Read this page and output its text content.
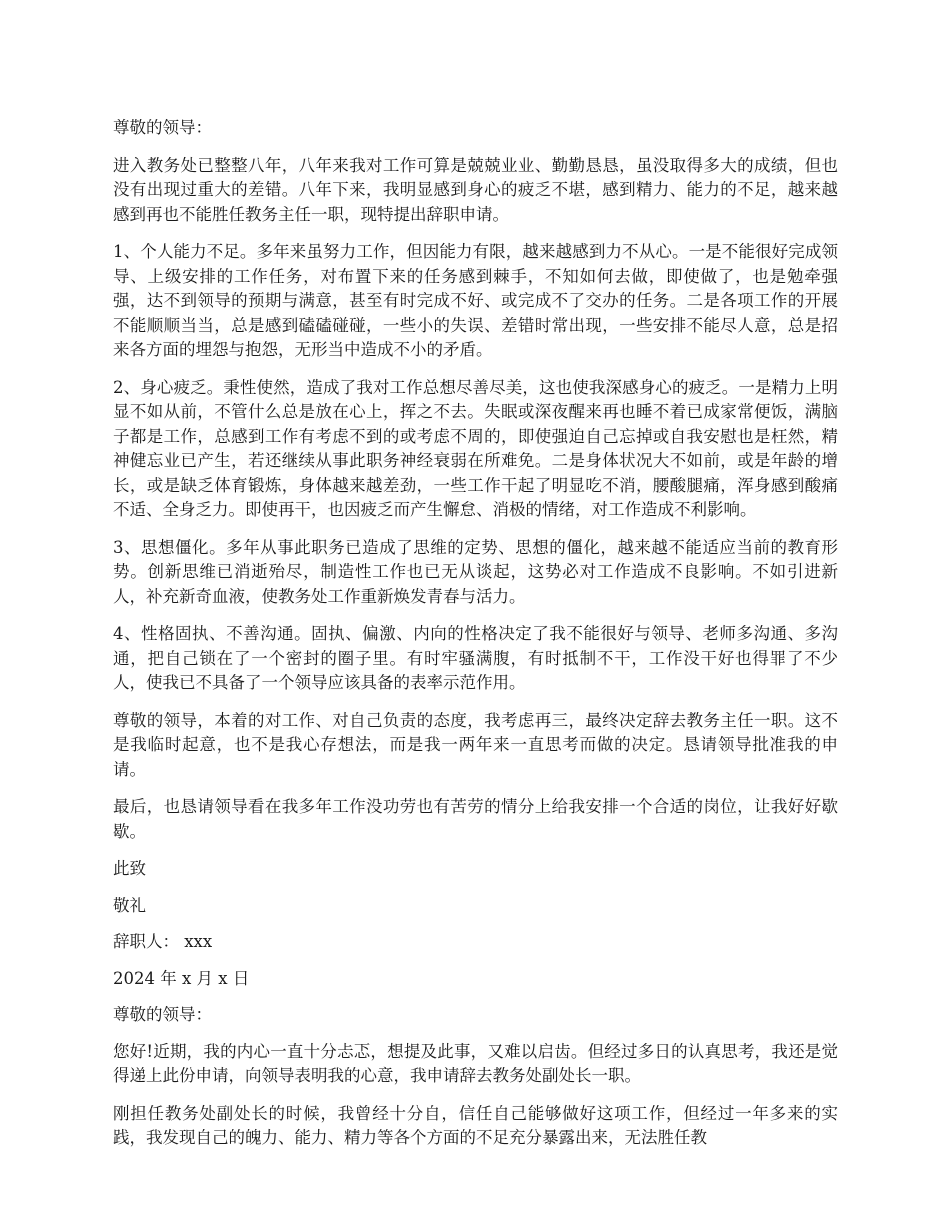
尊敬的领导：

进入教务处已整整八年，八年来我对工作可算是兢兢业业、勤勤恳恳，虽没取得多大的成绩，但也没有出现过重大的差错。八年下来，我明显感到身心的疲乏不堪，感到精力、能力的不足，越来越感到再也不能胜任教务主任一职，现特提出辞职申请。

1、个人能力不足。多年来虽努力工作，但因能力有限，越来越感到力不从心。一是不能很好完成领导、上级安排的工作任务，对布置下来的任务感到棘手，不知如何去做，即使做了，也是勉牵强强，达不到领导的预期与满意，甚至有时完成不好、或完成不了交办的任务。二是各项工作的开展不能顺顺当当，总是感到磕磕碰碰，一些小的失误、差错时常出现，一些安排不能尽人意，总是招来各方面的埋怨与抱怨，无形当中造成不小的矛盾。

2、身心疲乏。秉性使然，造成了我对工作总想尽善尽美，这也使我深感身心的疲乏。一是精力上明显不如从前，不管什么总是放在心上，挥之不去。失眠或深夜醒来再也睡不着已成家常便饭，满脑子都是工作，总感到工作有考虑不到的或考虑不周的，即使强迫自己忘掉或自我安慰也是枉然，精神健忘业已产生，若还继续从事此职务神经衰弱在所难免。二是身体状况大不如前，或是年龄的增长，或是缺乏体育锻炼，身体越来越差劲，一些工作干起了明显吃不消，腰酸腿痛，浑身感到酸痛不适、全身乏力。即使再干，也因疲乏而产生懈怠、消极的情绪，对工作造成不利影响。

3、思想僵化。多年从事此职务已造成了思维的定势、思想的僵化，越来越不能适应当前的教育形势。创新思维已消逝殆尽，制造性工作也已无从谈起，这势必对工作造成不良影响。不如引进新人，补充新奇血液，使教务处工作重新焕发青春与活力。

4、性格固执、不善沟通。固执、偏激、内向的性格决定了我不能很好与领导、老师多沟通、多沟通，把自己锁在了一个密封的圈子里。有时牢骚满腹，有时抵制不干，工作没干好也得罪了不少人，使我已不具备了一个领导应该具备的表率示范作用。

尊敬的领导，本着的对工作、对自己负责的态度，我考虑再三，最终决定辞去教务主任一职。这不是我临时起意，也不是我心存想法，而是我一两年来一直思考而做的决定。恳请领导批准我的申请。

最后，也恳请领导看在我多年工作没功劳也有苦劳的情分上给我安排一个合适的岗位，让我好好歇歇。

此致

敬礼

辞职人： xxx

2024 年 x 月 x 日

尊敬的领导：

您好!近期，我的内心一直十分忐忑，想提及此事，又难以启齿。但经过多日的认真思考，我还是觉得递上此份申请，向领导表明我的心意，我申请辞去教务处副处长一职。

刚担任教务处副处长的时候，我曾经十分自，信任自己能够做好这项工作，但经过一年多来的实践，我发现自己的魄力、能力、精力等各个方面的不足充分暴露出来，无法胜任教
